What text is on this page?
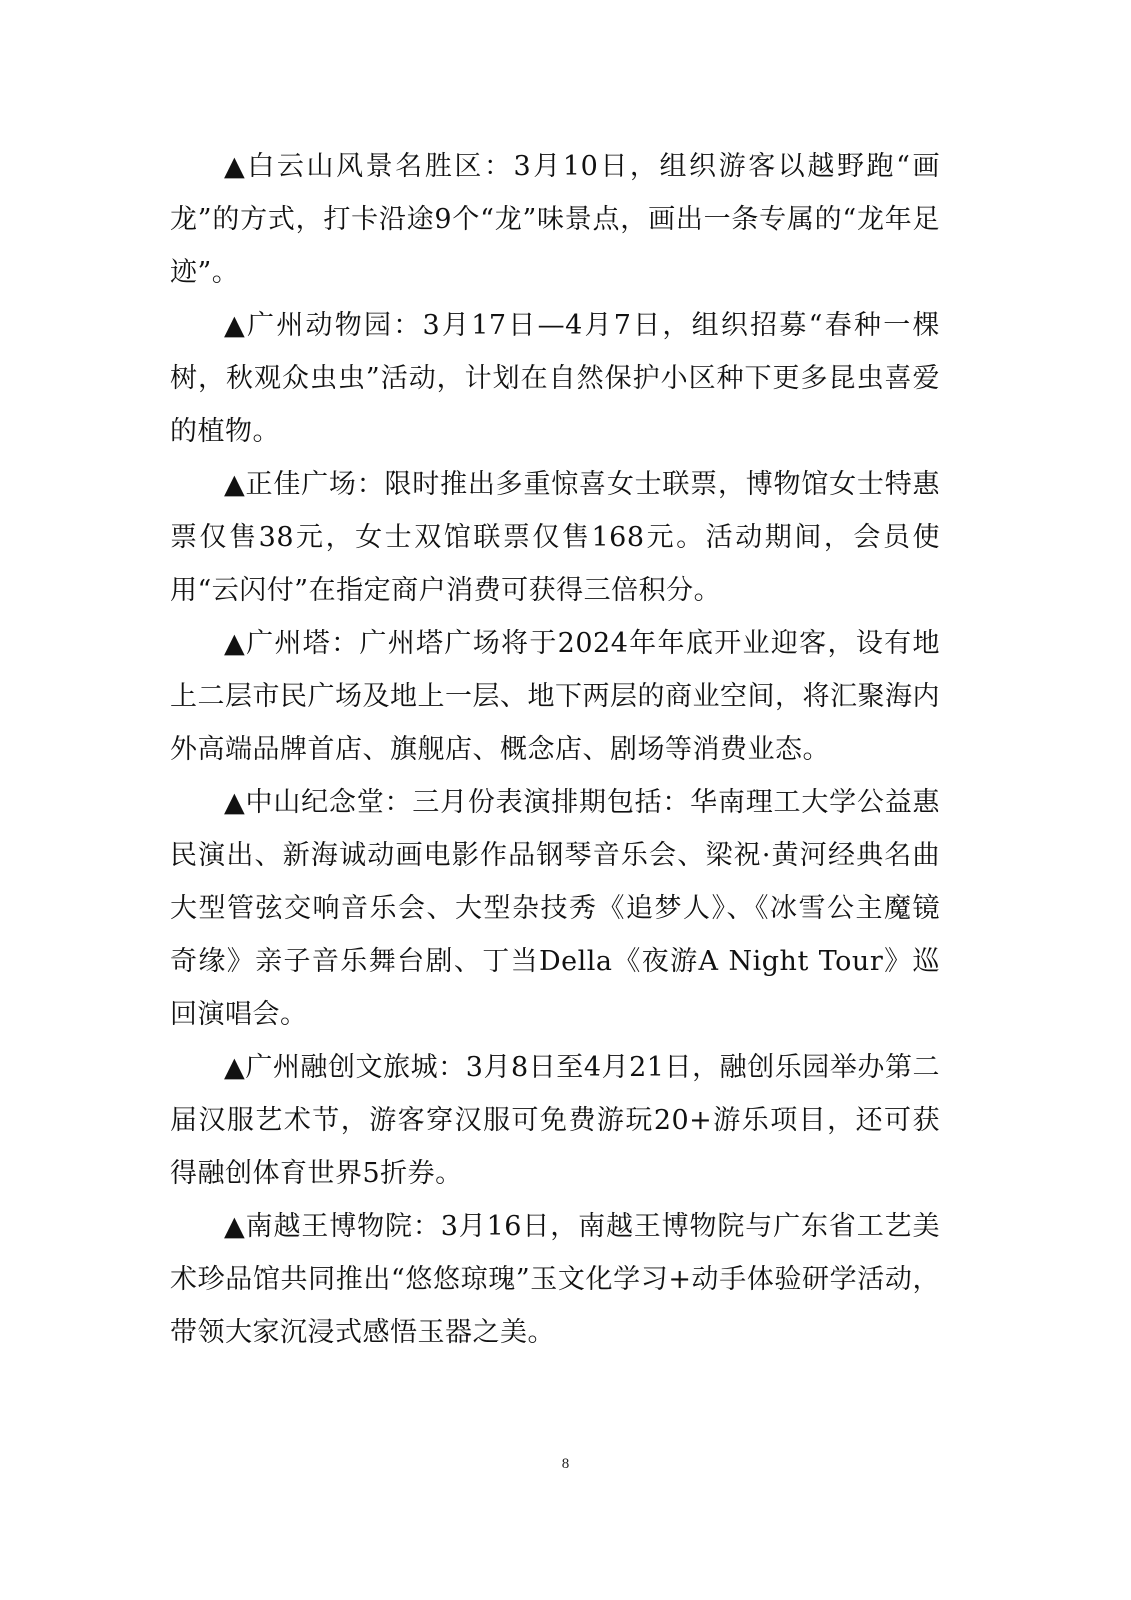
▲白云山风景名胜区：3月10日，组织游客以越野跑“画龙”的方式，打卡沿途9个“龙”味景点，画出一条专属的“龙年足迹”。

▲广州动物园：3月17日—4月7日，组织招募“春种一棵树，秋观众虫虫”活动，计划在自然保护小区种下更多昆虫喜爱的植物。

▲正佳广场：限时推出多重惊喜女士联票，博物馆女士特惠票仅售38元，女士双馆联票仅售168元。活动期间，会员使用“云闪付”在指定商户消费可获得三倍积分。

▲广州塔：广州塔广场将于2024年年底开业迎客，设有地上二层市民广场及地上一层、地下两层的商业空间，将汇聚海内外高端品牌首店、旗舰店、概念店、剧场等消费业态。

▲中山纪念堂：三月份表演排期包括：华南理工大学公益惠民演出、新海诚动画电影作品钢琴音乐会、梁祝·黄河经典名曲大型管弦交响音乐会、大型杂技秀《追梦人》、《冰雪公主魔镜奇缘》亲子音乐舞台剧、丁当Della《夜游A Night Tour》巡回演唱会。

▲广州融创文旅城：3月8日至4月21日，融创乐园举办第二届汉服艺术节，游客穿汉服可免费游玩20+游乐项目，还可获得融创体育世界5折券。

▲南越王博物院：3月16日，南越王博物院与广东省工艺美术珍品馆共同推出“悠悠琼瑰”玉文化学习+动手体验研学活动，带领大家沉浸式感悟玉器之美。

8
